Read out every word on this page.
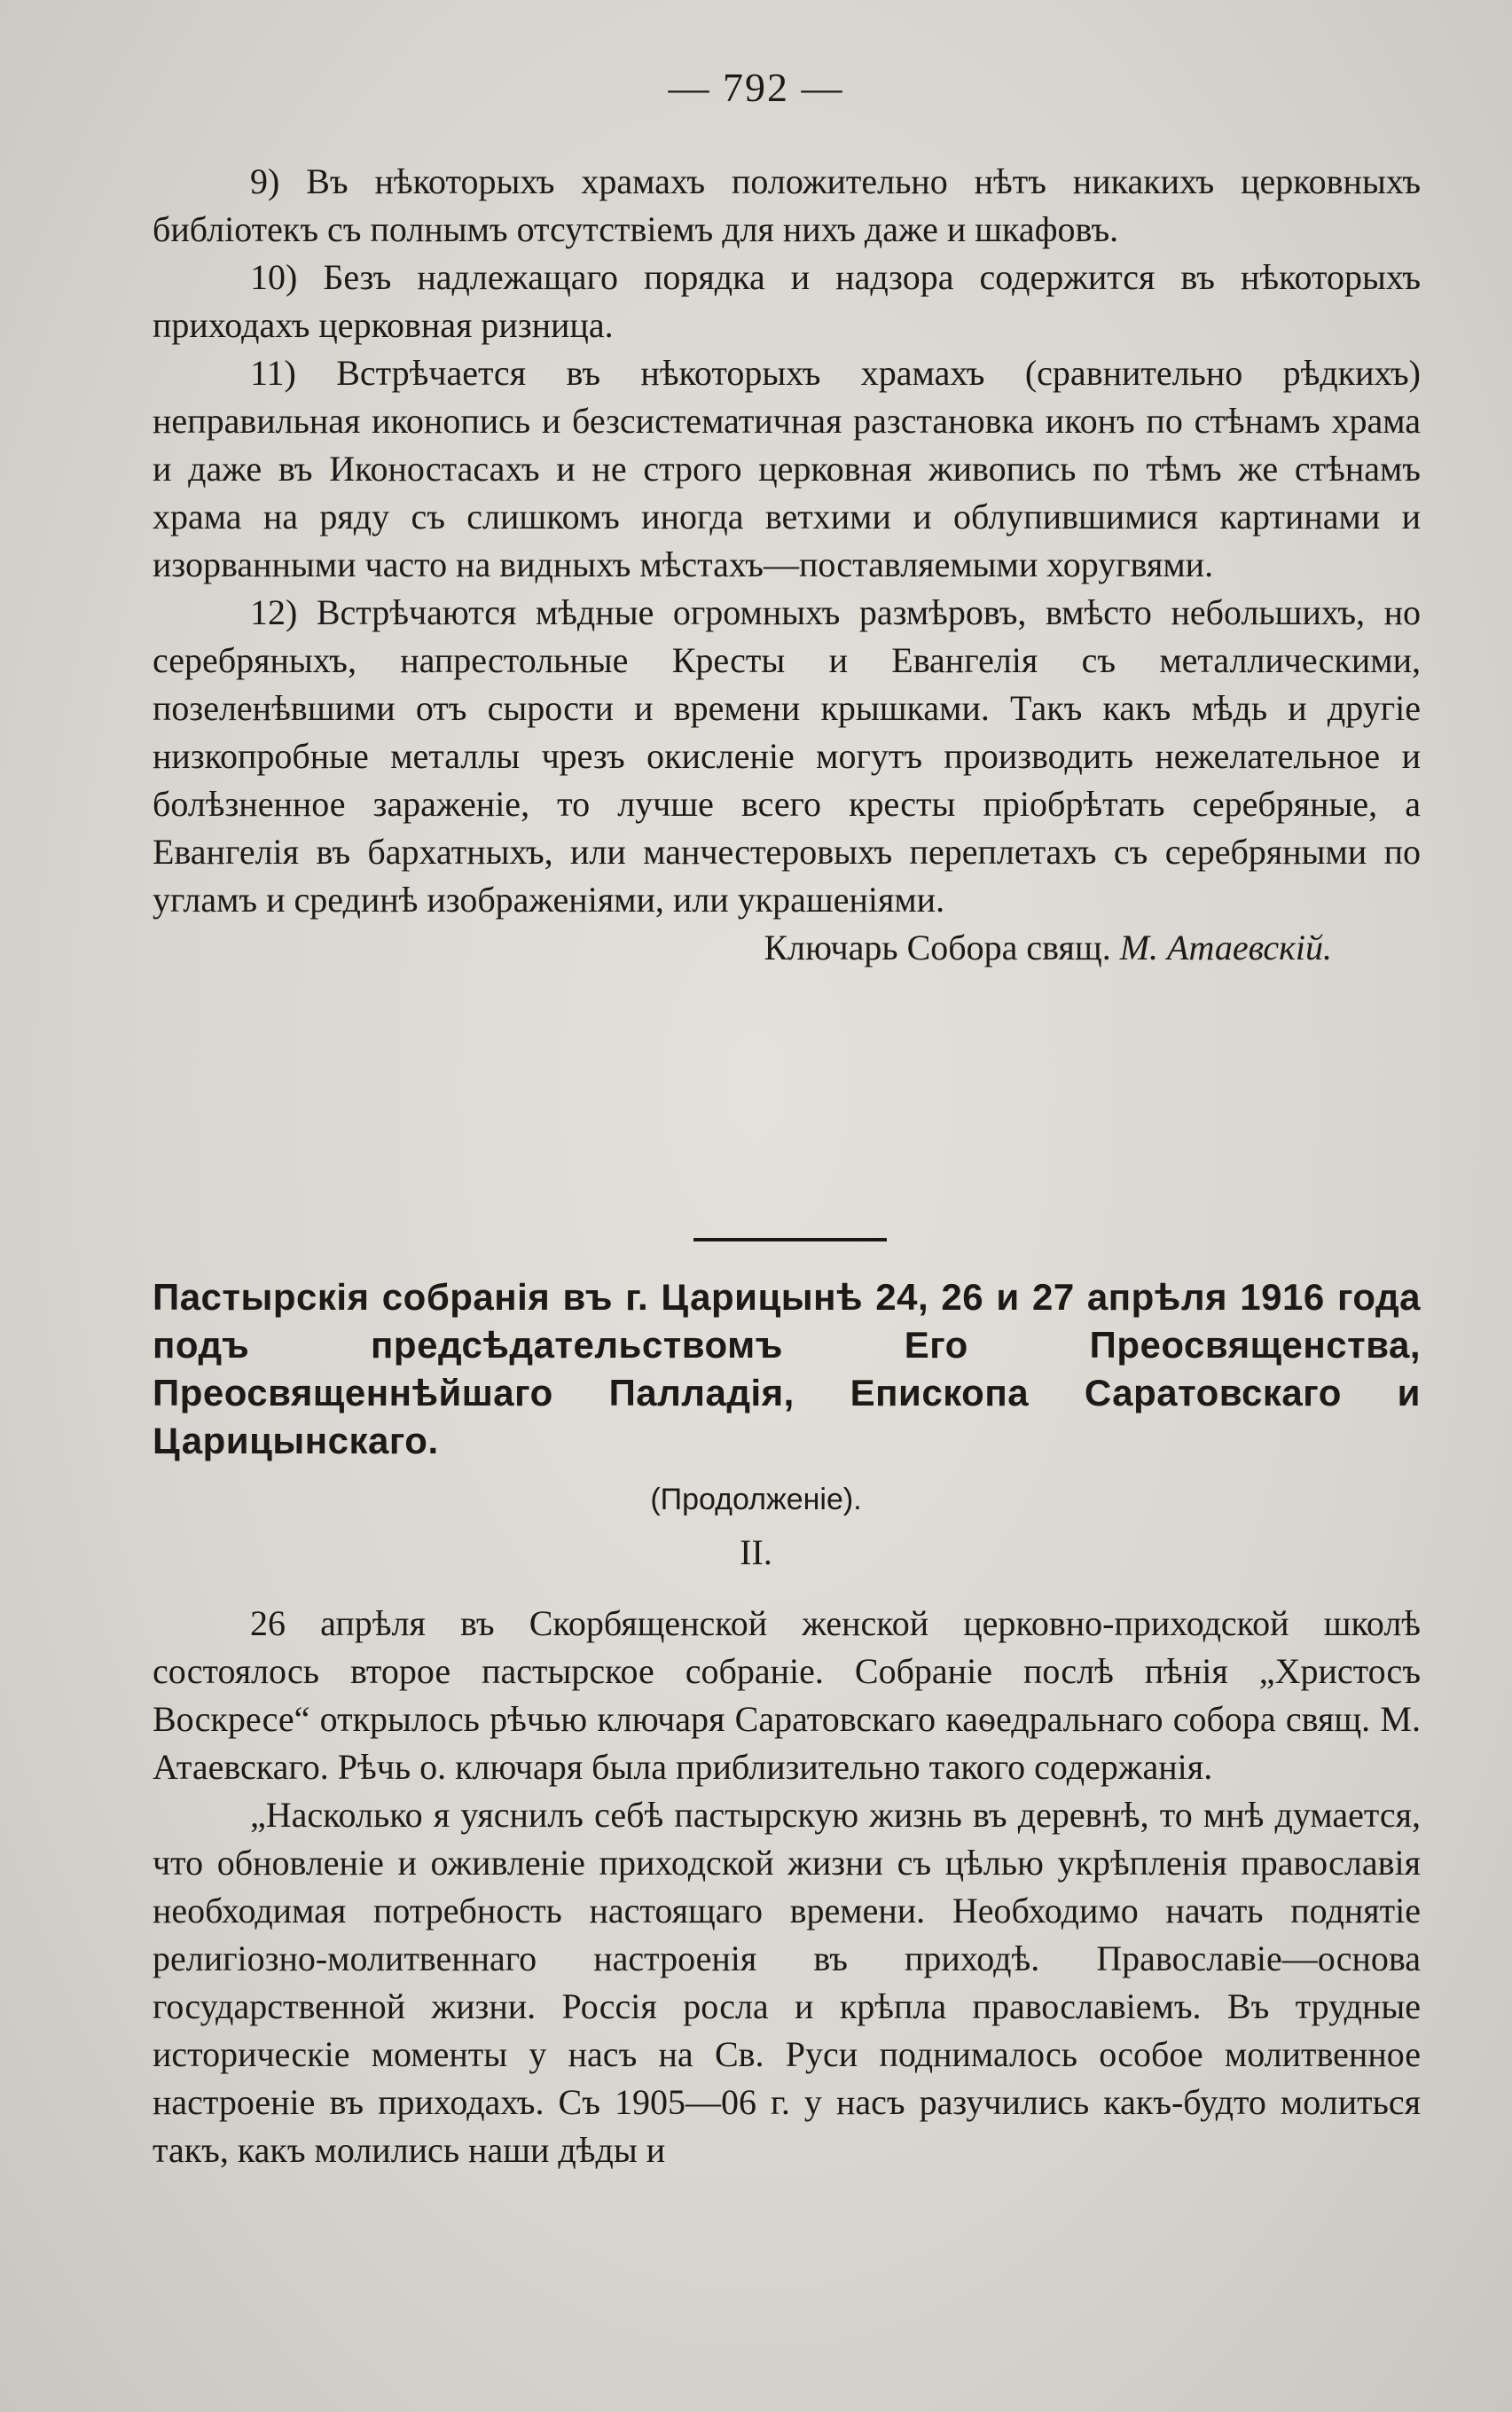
— 792 —

9) Въ нѣкоторыхъ храмахъ положительно нѣтъ никакихъ церковныхъ библіотекъ съ полнымъ отсутствіемъ для нихъ даже и шкафовъ.

10) Безъ надлежащаго порядка и надзора содержится въ нѣкоторыхъ приходахъ церковная ризница.

11) Встрѣчается въ нѣкоторыхъ храмахъ (сравнительно рѣдкихъ) неправильная иконопись и безсистематичная разстановка иконъ по стѣнамъ храма и даже въ Иконостасахъ и не строго церковная живопись по тѣмъ же стѣнамъ храма на ряду съ слишкомъ иногда ветхими и облупившимися картинами и изорванными часто на видныхъ мѣстахъ—поставляемыми хоругвями.

12) Встрѣчаются мѣдные огромныхъ размѣровъ, вмѣсто небольшихъ, но серебряныхъ, напрестольные Кресты и Евангелія съ металлическими, позеленѣвшими отъ сырости и времени крышками. Такъ какъ мѣдь и другіе низкопробные металлы чрезъ окисленіе могутъ производить нежелательное и болѣзненное зараженіе, то лучше всего кресты пріобрѣтать серебряные, а Евангелія въ бархатныхъ, или манчестеровыхъ переплетахъ съ серебряными по угламъ и срединѣ изображеніями, или украшеніями.

Ключарь Собора свящ. М. Атаевскій.

Пастырскія собранія въ г. Царицынѣ 24, 26 и 27 апрѣля 1916 года подъ предсѣдательствомъ Его Преосвященства, Преосвященнѣйшаго Палладія, Епископа Саратовскаго и Царицынскаго.

(Продолженіе).
II.

26 апрѣля въ Скорбященской женской церковно-приходской школѣ состоялось второе пастырское собраніе. Собраніе послѣ пѣнія „Христосъ Воскресе“ открылось рѣчью ключаря Саратовскаго каѳедральнаго собора свящ. М. Атаевскаго. Рѣчь о. ключаря была приблизительно такого содержанія.

„Насколько я уяснилъ себѣ пастырскую жизнь въ деревнѣ, то мнѣ думается, что обновленіе и оживленіе приходской жизни съ цѣлью укрѣпленія православія необходимая потребность настоящаго времени. Необходимо начать поднятіе религіозно-молитвеннаго настроенія въ приходѣ. Православіе—основа государственной жизни. Россія росла и крѣпла православіемъ. Въ трудные историческіе моменты у насъ на Св. Руси поднималось особое молитвенное настроеніе въ приходахъ. Съ 1905—06 г. у насъ разучились какъ-будто молиться такъ, какъ молились наши дѣды и
